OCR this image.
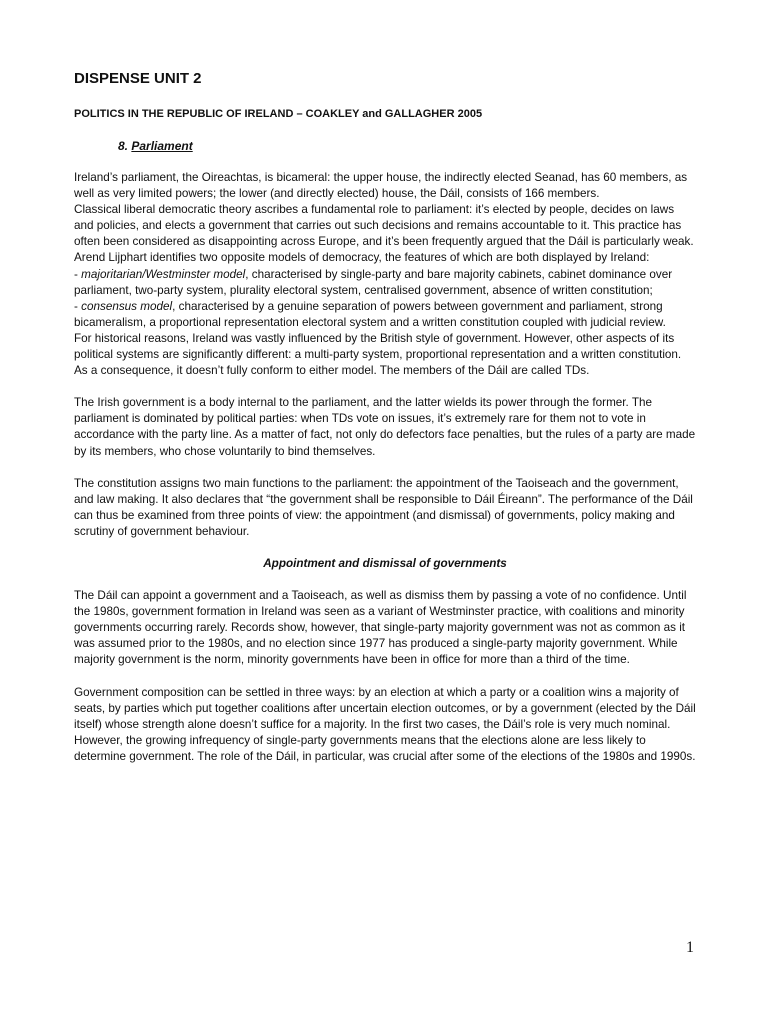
DISPENSE UNIT 2
POLITICS IN THE REPUBLIC OF IRELAND – COAKLEY and GALLAGHER 2005
8. Parliament

Ireland’s parliament, the Oireachtas, is bicameral: the upper house, the indirectly elected Seanad, has 60 members, as well as very limited powers; the lower (and directly elected) house, the Dáil, consists of 166 members.

Classical liberal democratic theory ascribes a fundamental role to parliament: it’s elected by people, decides on laws and policies, and elects a government that carries out such decisions and remains accountable to it. This practice has often been considered as disappointing across Europe, and it’s been frequently argued that the Dáil is particularly weak.

Arend Lijphart identifies two opposite models of democracy, the features of which are both displayed by Ireland:

- majoritarian/Westminster model, characterised by single-party and bare majority cabinets, cabinet dominance over parliament, two-party system, plurality electoral system, centralised government, absence of written constitution;

- consensus model, characterised by a genuine separation of powers between government and parliament, strong bicameralism, a proportional representation electoral system and a written constitution coupled with judicial review.

For historical reasons, Ireland was vastly influenced by the British style of government. However, other aspects of its political systems are significantly different: a multi-party system, proportional representation and a written constitution. As a consequence, it doesn’t fully conform to either model. The members of the Dáil are called TDs.

The Irish government is a body internal to the parliament, and the latter wields its power through the former. The parliament is dominated by political parties: when TDs vote on issues, it’s extremely rare for them not to vote in accordance with the party line. As a matter of fact, not only do defectors face penalties, but the rules of a party are made by its members, who chose voluntarily to bind themselves.

The constitution assigns two main functions to the parliament: the appointment of the Taoiseach and the government, and law making. It also declares that “the government shall be responsible to Dáil Éireann”. The performance of the Dáil can thus be examined from three points of view: the appointment (and dismissal) of governments, policy making and scrutiny of government behaviour.

Appointment and dismissal of governments

The Dáil can appoint a government and a Taoiseach, as well as dismiss them by passing a vote of no confidence. Until the 1980s, government formation in Ireland was seen as a variant of Westminster practice, with coalitions and minority governments occurring rarely. Records show, however, that single-party majority government was not as common as it was assumed prior to the 1980s, and no election since 1977 has produced a single-party majority government. While majority government is the norm, minority governments have been in office for more than a third of the time.

Government composition can be settled in three ways: by an election at which a party or a coalition wins a majority of seats, by parties which put together coalitions after uncertain election outcomes, or by a government (elected by the Dáil itself) whose strength alone doesn’t suffice for a majority. In the first two cases, the Dáil’s role is very much nominal. However, the growing infrequency of single-party governments means that the elections alone are less likely to determine government. The role of the Dáil, in particular, was crucial after some of the elections of the 1980s and 1990s.

1
